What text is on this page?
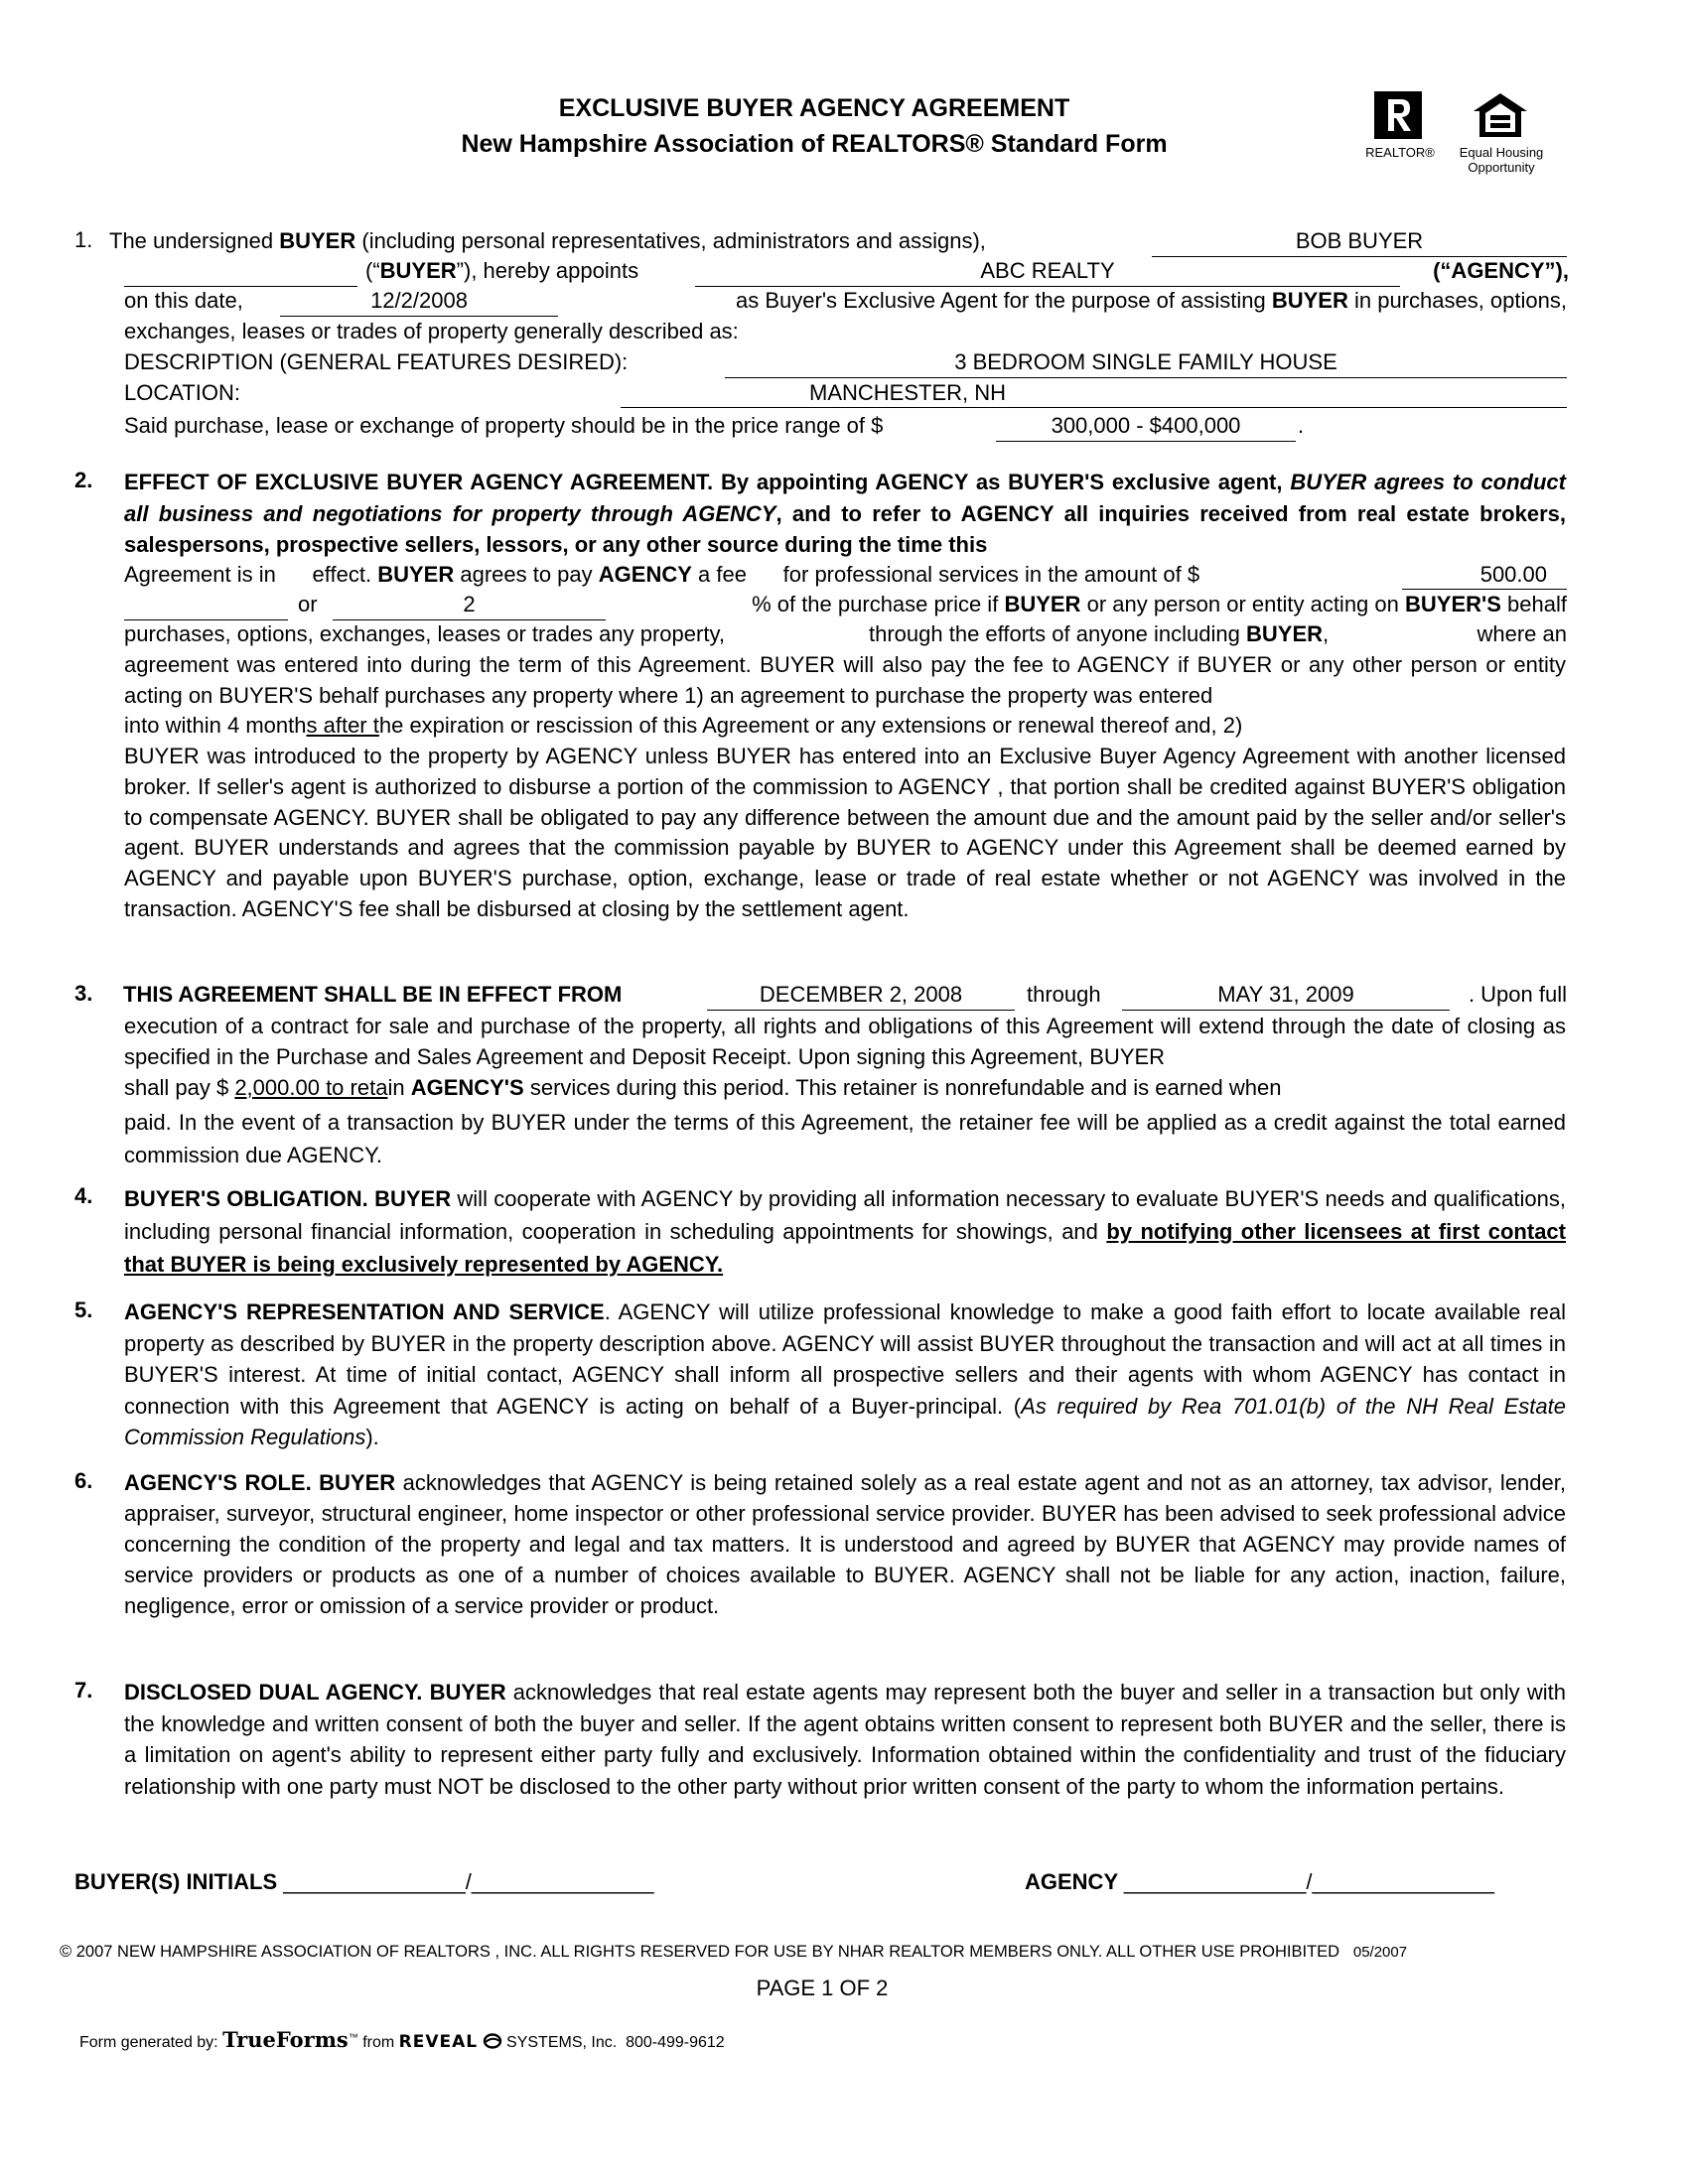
EXCLUSIVE BUYER AGENCY AGREEMENT
New Hampshire Association of REALTORS® Standard Form	REALTOR®	Equal Housing
Opportunity
1. The undersigned BUYER (including personal representatives, administrators and assigns),	BOB BUYER
(“BUYER”), hereby appoints	ABC REALTY	(“AGENCY”),
on this date,	12/2/2008	as Buyer's Exclusive Agent for the purpose of assisting BUYER in purchases, options,
exchanges, leases or trades of property generally described as:
DESCRIPTION (GENERAL FEATURES DESIRED):	3 BEDROOM SINGLE FAMILY HOUSE
LOCATION:	MANCHESTER, NH
Said purchase, lease or exchange of property should be in the price range of $	300,000 - $400,000	.
2. EFFECT OF EXCLUSIVE BUYER AGENCY AGREEMENT. By appointing AGENCY as BUYER'S exclusive agent, BUYER agrees to conduct all business and negotiations for property through AGENCY, and to refer to AGENCY all inquiries received from real estate brokers, salespersons, prospective sellers, lessors, or any other source during the time this
Agreement is in effect. BUYER agrees to pay AGENCY a fee for professional services in the amount of $	500.00
or	2	% of the purchase price if BUYER or any person or entity acting on BUYER'S behalf
purchases, options, exchanges, leases or trades any property,	through the efforts of anyone including BUYER,	where an
agreement was entered into during the term of this Agreement. BUYER will also pay the fee to AGENCY if BUYER or any other person or entity acting on BUYER'S behalf purchases any property where 1) an agreement to purchase the property was entered
into within 4 months after the expiration or rescission of this Agreement or any extensions or renewal thereof and, 2)
BUYER was introduced to the property by AGENCY unless BUYER has entered into an Exclusive Buyer Agency Agreement with another licensed broker. If seller's agent is authorized to disburse a portion of the commission to AGENCY , that portion shall be credited against BUYER'S obligation to compensate AGENCY. BUYER shall be obligated to pay any difference between the amount due and the amount paid by the seller and/or seller's agent. BUYER understands and agrees that the commission payable by BUYER to AGENCY under this Agreement shall be deemed earned by AGENCY and payable upon BUYER'S purchase, option, exchange, lease or trade of real estate whether or not AGENCY was involved in the transaction. AGENCY'S fee shall be disbursed at closing by the settlement agent.
3. THIS AGREEMENT SHALL BE IN EFFECT FROM	DECEMBER 2, 2008	through	MAY 31, 2009	. Upon full
execution of a contract for sale and purchase of the property, all rights and obligations of this Agreement will extend through the date of closing as specified in the Purchase and Sales Agreement and Deposit Receipt. Upon signing this Agreement, BUYER
shall pay $ 2,000.00 to retain AGENCY'S services during this period. This retainer is nonrefundable and is earned when
paid. In the event of a transaction by BUYER under the terms of this Agreement, the retainer fee will be applied as a credit against the total earned commission due AGENCY.
4. BUYER'S OBLIGATION. BUYER will cooperate with AGENCY by providing all information necessary to evaluate BUYER'S needs and qualifications, including personal financial information, cooperation in scheduling appointments for showings, and by notifying other licensees at first contact that BUYER is being exclusively represented by AGENCY.
5. AGENCY'S REPRESENTATION AND SERVICE. AGENCY will utilize professional knowledge to make a good faith effort to locate available real property as described by BUYER in the property description above. AGENCY will assist BUYER throughout the transaction and will act at all times in BUYER'S interest. At time of initial contact, AGENCY shall inform all prospective sellers and their agents with whom AGENCY has contact in connection with this Agreement that AGENCY is acting on behalf of a Buyer-principal. (As required by Rea 701.01(b) of the NH Real Estate Commission Regulations).
6. AGENCY'S ROLE. BUYER acknowledges that AGENCY is being retained solely as a real estate agent and not as an attorney, tax advisor, lender, appraiser, surveyor, structural engineer, home inspector or other professional service provider. BUYER has been advised to seek professional advice concerning the condition of the property and legal and tax matters. It is understood and agreed by BUYER that AGENCY may provide names of service providers or products as one of a number of choices available to BUYER. AGENCY shall not be liable for any action, inaction, failure, negligence, error or omission of a service provider or product.
7. DISCLOSED DUAL AGENCY. BUYER acknowledges that real estate agents may represent both the buyer and seller in a transaction but only with the knowledge and written consent of both the buyer and seller. If the agent obtains written consent to represent both BUYER and the seller, there is a limitation on agent's ability to represent either party fully and exclusively. Information obtained within the confidentiality and trust of the fiduciary relationship with one party must NOT be disclosed to the other party without prior written consent of the party to whom the information pertains.
BUYER(S) INITIALS _______________/_______________	AGENCY _______________/_______________
© 2007 NEW HAMPSHIRE ASSOCIATION OF REALTORS , INC. ALL RIGHTS RESERVED FOR USE BY NHAR REALTOR MEMBERS ONLY. ALL OTHER USE PROHIBITED 05/2007
PAGE 1 OF 2
Form generated by: TrueForms™ from REVEAL SYSTEMS, Inc. 800-499-9612
